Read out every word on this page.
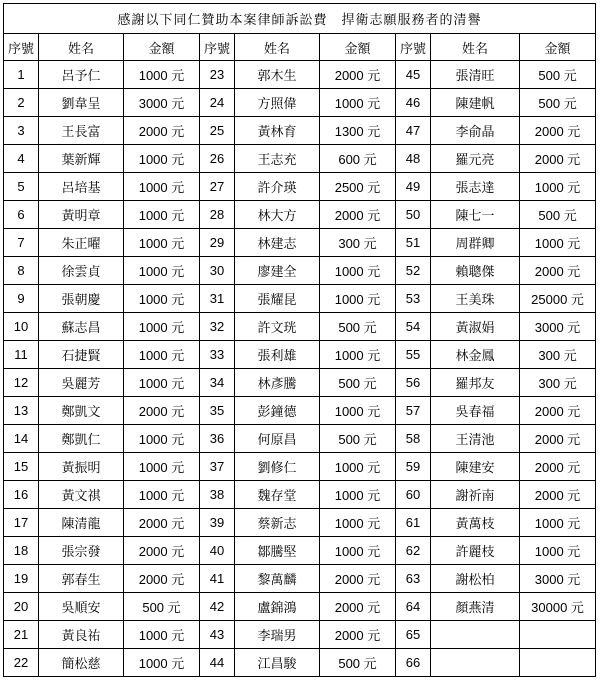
感謝以下同仁贊助本案律師訴訟費　捍衛志願服務者的清譽								
序號	姓名	金額	序號	姓名	金額	序號	姓名	金額
1	呂予仁	1000 元	23	郭木生	2000 元	45	張清旺	500 元
2	劉韋呈	3000 元	24	方照偉	1000 元	46	陳建帆	500 元
3	王長富	2000 元	25	黃林育	1300 元	47	李俞晶	2000 元
4	葉新輝	1000 元	26	王志充	600 元	48	羅元亮	2000 元
5	呂培基	1000 元	27	許介瑛	2500 元	49	張志達	1000 元
6	黃明章	1000 元	28	林大方	2000 元	50	陳七一	500 元
7	朱正曜	1000 元	29	林建志	300 元	51	周群卿	1000 元
8	徐雲貞	1000 元	30	廖建全	1000 元	52	賴聰傑	2000 元
9	張朝慶	1000 元	31	張耀昆	1000 元	53	王美珠	25000 元
10	蘇志昌	1000 元	32	許文珖	500 元	54	黃淑娟	3000 元
11	石捷賢	1000 元	33	張利雄	1000 元	55	林金鳳	300 元
12	吳麗芳	1000 元	34	林彥騰	500 元	56	羅邦友	300 元
13	鄭凱文	2000 元	35	彭鐘德	1000 元	57	吳春福	2000 元
14	鄭凱仁	1000 元	36	何原昌	500 元	58	王清池	2000 元
15	黃振明	1000 元	37	劉修仁	1000 元	59	陳建安	2000 元
16	黃文祺	1000 元	38	魏存堂	1000 元	60	謝祈南	2000 元
17	陳清龍	2000 元	39	蔡新志	1000 元	61	黃萬枝	1000 元
18	張宗發	2000 元	40	鄒騰堅	1000 元	62	許麗枝	1000 元
19	郭春生	2000 元	41	黎萬麟	2000 元	63	謝松柏	3000 元
20	吳順安	500 元	42	盧錦鴻	2000 元	64	顏燕清	30000 元
21	黃良祐	1000 元	43	李瑞男	2000 元	65		
22	簡松慈	1000 元	44	江昌駿	500 元	66		
